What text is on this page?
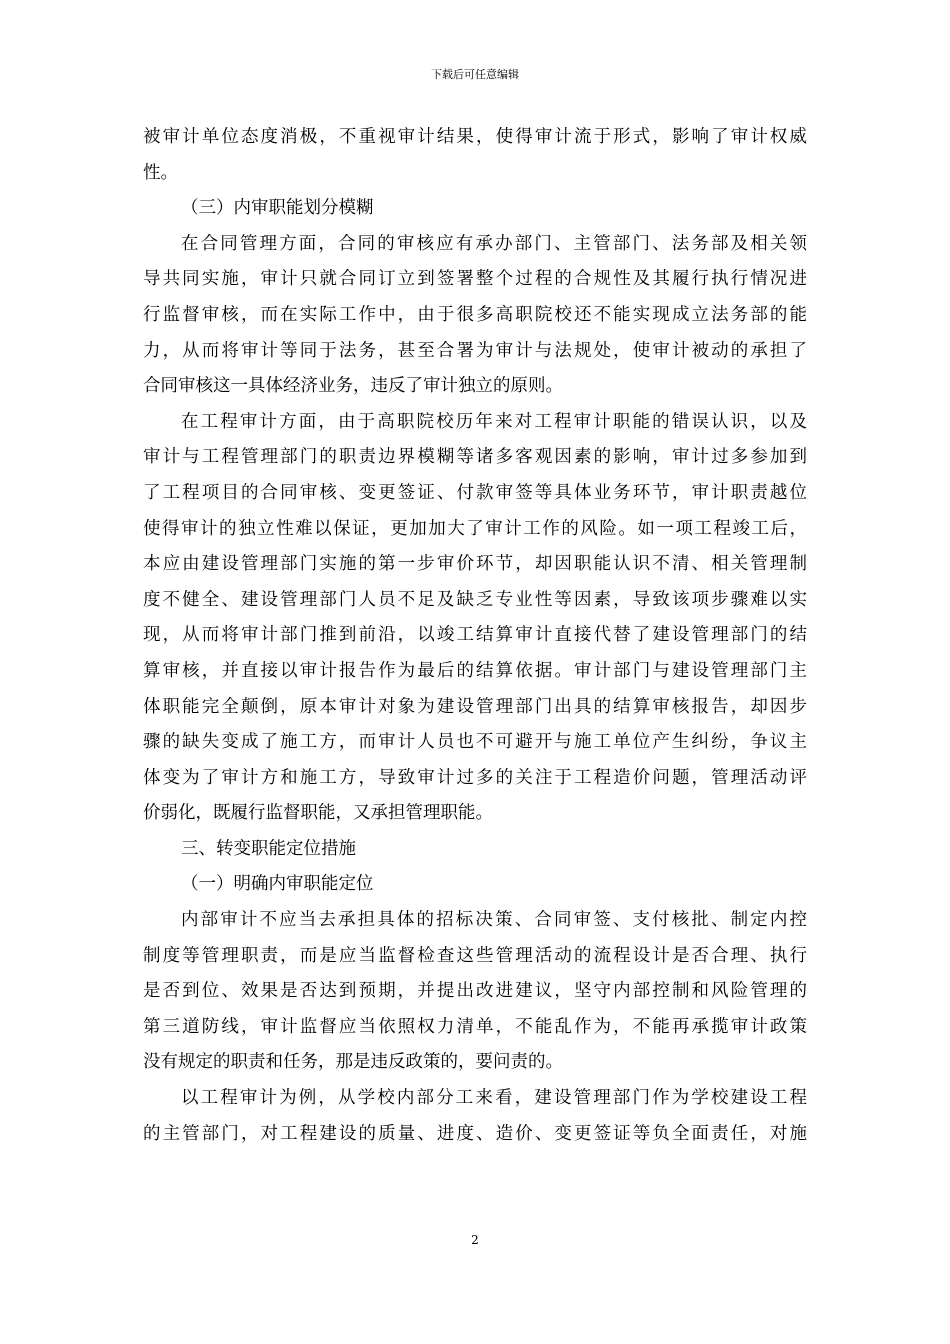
下载后可任意编辑
被审计单位态度消极，不重视审计结果，使得审计流于形式，影响了审计权威
性。
（三）内审职能划分模糊
在合同管理方面，合同的审核应有承办部门、主管部门、法务部及相关领
导共同实施，审计只就合同订立到签署整个过程的合规性及其履行执行情况进
行监督审核，而在实际工作中，由于很多高职院校还不能实现成立法务部的能
力，从而将审计等同于法务，甚至合署为审计与法规处，使审计被动的承担了
合同审核这一具体经济业务，违反了审计独立的原则。
在工程审计方面，由于高职院校历年来对工程审计职能的错误认识，以及
审计与工程管理部门的职责边界模糊等诸多客观因素的影响，审计过多参加到
了工程项目的合同审核、变更签证、付款审签等具体业务环节，审计职责越位
使得审计的独立性难以保证，更加加大了审计工作的风险。如一项工程竣工后，
本应由建设管理部门实施的第一步审价环节，却因职能认识不清、相关管理制
度不健全、建设管理部门人员不足及缺乏专业性等因素，导致该项步骤难以实
现，从而将审计部门推到前沿，以竣工结算审计直接代替了建设管理部门的结
算审核，并直接以审计报告作为最后的结算依据。审计部门与建设管理部门主
体职能完全颠倒，原本审计对象为建设管理部门出具的结算审核报告，却因步
骤的缺失变成了施工方，而审计人员也不可避开与施工单位产生纠纷，争议主
体变为了审计方和施工方，导致审计过多的关注于工程造价问题，管理活动评
价弱化，既履行监督职能，又承担管理职能。
三、转变职能定位措施
（一）明确内审职能定位
内部审计不应当去承担具体的招标决策、合同审签、支付核批、制定内控
制度等管理职责，而是应当监督检查这些管理活动的流程设计是否合理、执行
是否到位、效果是否达到预期，并提出改进建议，坚守内部控制和风险管理的
第三道防线，审计监督应当依照权力清单，不能乱作为，不能再承揽审计政策
没有规定的职责和任务，那是违反政策的，要问责的。
以工程审计为例，从学校内部分工来看，建设管理部门作为学校建设工程
的主管部门，对工程建设的质量、进度、造价、变更签证等负全面责任，对施
2
